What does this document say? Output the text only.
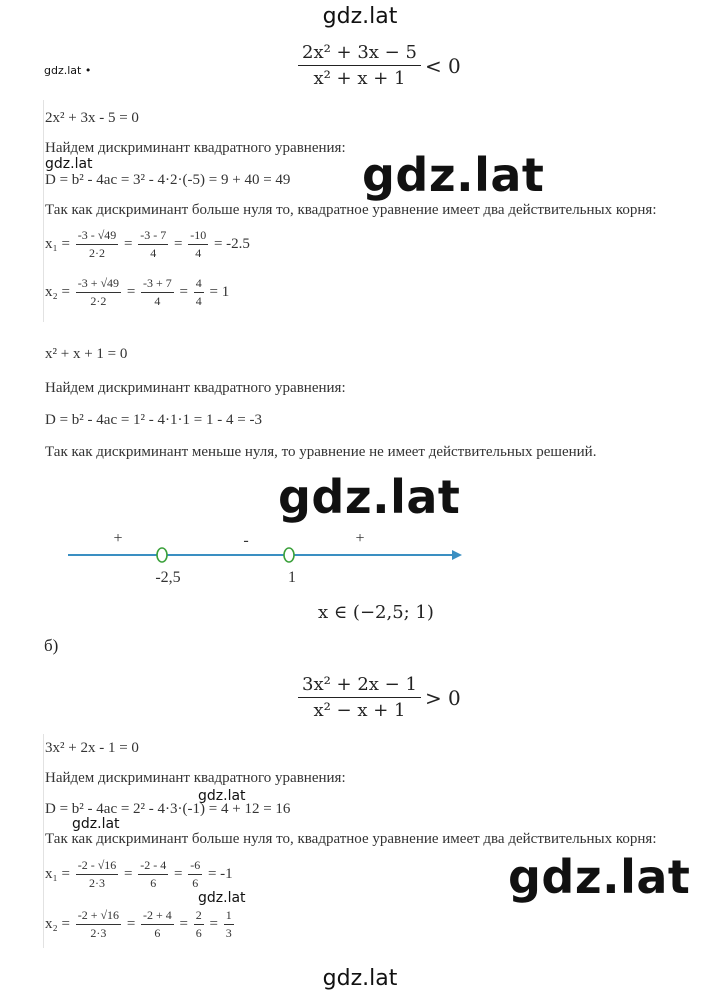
gdz.lat
gdz.lat •	$\frac{\text{2x² + 3x − 5}}{\text{x² + x + 1}} < 0$
2x² + 3x - 5 = 0
Найдем дискриминант квадратного уравнения:
gdz.lat
D = b² - 4ac = 3² - 4·2·(-5) = 9 + 40 = 49 gdz.lat
Так как дискриминант больше нуля то, квадратное уравнение имеет два действительных корня:
$x_1 = \frac{-3 - √49}{2\cdot 2} = \frac{-3 - 7}{4} = \frac{-10}{4} = -2.5$
$x_2 = \frac{-3 + √49}{2\cdot 2} = \frac{-3 + 7}{4} = \frac{4}{4} = 1$
x² + x + 1 = 0
Найдем дискриминант квадратного уравнения:
D = b² - 4ac = 1² - 4·1·1 = 1 - 4 = -3
Так как дискриминант меньше нуля, то уравнение не имеет действительных решений.
gdz.lat
+	-	+
-2,5	1
x ∈ (−2,5; 1)
б)
$\frac{\text{3x² + 2x − 1}}{\text{x² − x + 1}} > 0$
3x² + 2x - 1 = 0
Найдем дискриминант квадратного уравнения:
gdz.lat
D = b² - 4ac = 2² - 4·3·(-1) = 4 + 12 = 16
gdz.lat
Так как дискриминант больше нуля то, квадратное уравнение имеет два действительных корня:
$x_1 = \frac{-2 - √16}{2\cdot 3} = \frac{-2 - 4}{6} = \frac{-6}{6} = -1$
gdz.lat
$x_2 = \frac{-2 + √16}{2\cdot 3} = \frac{-2 + 4}{6} = \frac{2}{6} = \frac{1}{3}$
gdz.lat
gdz.lat
